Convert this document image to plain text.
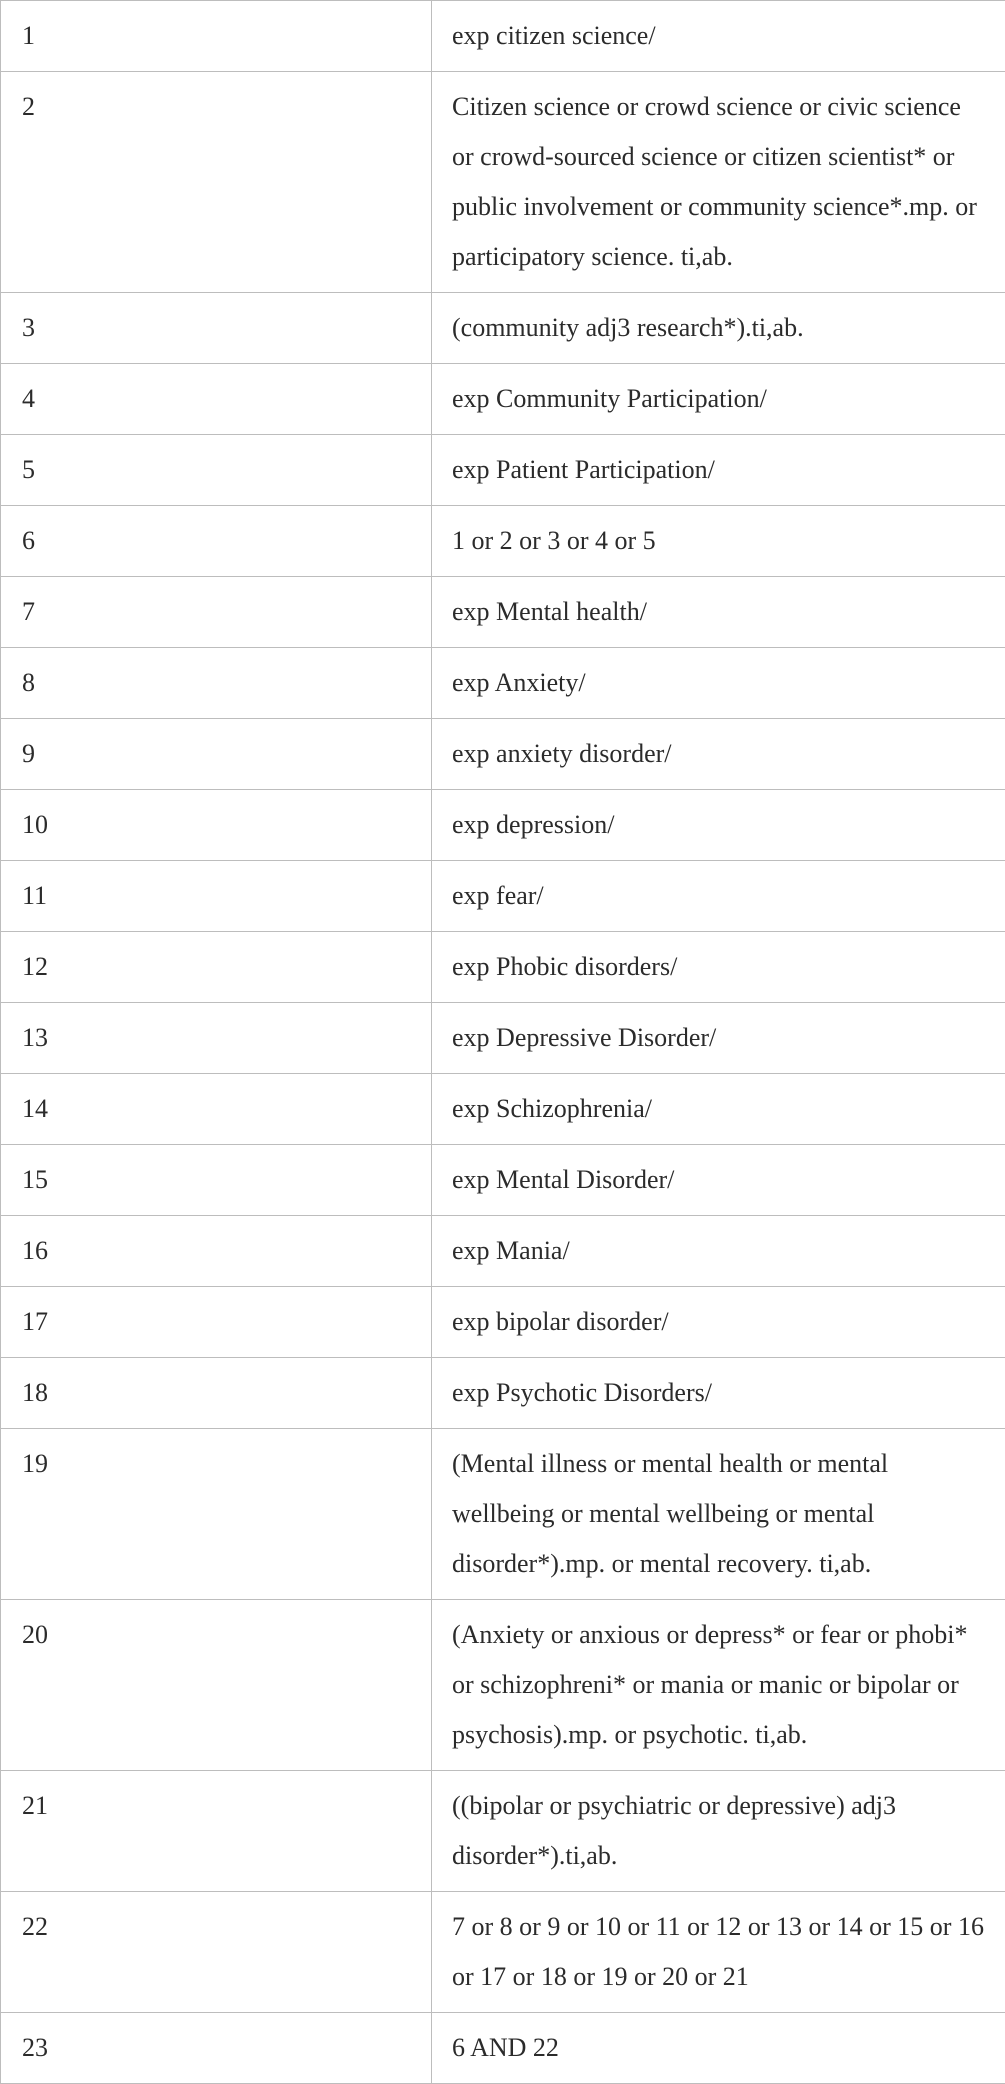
1	exp citizen science/
2	Citizen science or crowd science or civic science or crowd-sourced science or citizen scientist* or public involvement or community science*.mp. or participatory science. ti,ab.
3	(community adj3 research*).ti,ab.
4	exp Community Participation/
5	exp Patient Participation/
6	1 or 2 or 3 or 4 or 5
7	exp Mental health/
8	exp Anxiety/
9	exp anxiety disorder/
10	exp depression/
11	exp fear/
12	exp Phobic disorders/
13	exp Depressive Disorder/
14	exp Schizophrenia/
15	exp Mental Disorder/
16	exp Mania/
17	exp bipolar disorder/
18	exp Psychotic Disorders/
19	(Mental illness or mental health or mental wellbeing or mental wellbeing or mental disorder*).mp. or mental recovery. ti,ab.
20	(Anxiety or anxious or depress* or fear or phobi* or schizophreni* or mania or manic or bipolar or psychosis).mp. or psychotic. ti,ab.
21	((bipolar or psychiatric or depressive) adj3 disorder*).ti,ab.
22	7 or 8 or 9 or 10 or 11 or 12 or 13 or 14 or 15 or 16 or 17 or 18 or 19 or 20 or 21
23	6 AND 22
